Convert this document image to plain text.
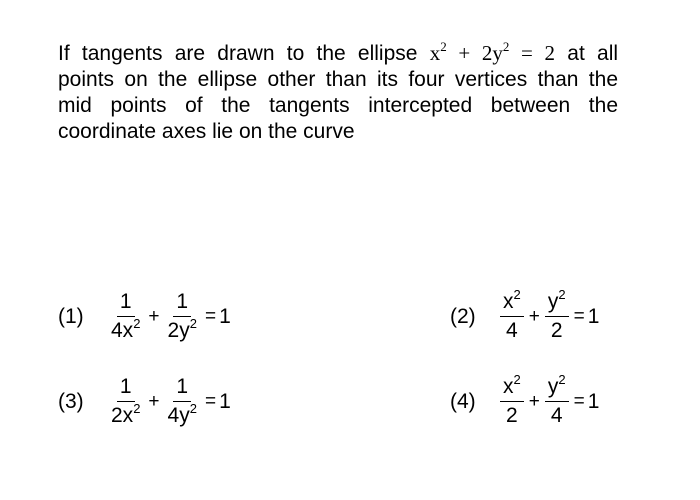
If tangents are drawn to the ellipse $x^2 + 2y^2 = 2$ at all
points on the ellipse other than its four vertices than the
mid points of the tangents intercepted between the
coordinate axes lie on the curve
(1)	$\frac{1}{4x^2} + \frac{1}{2y^2} = 1$	(2)	$\frac{x^2}{4} + \frac{y^2}{2} = 1$
(3)	$\frac{1}{2x^2} + \frac{1}{4y^2} = 1$	(4)	$\frac{x^2}{2} + \frac{y^2}{4} = 1$
